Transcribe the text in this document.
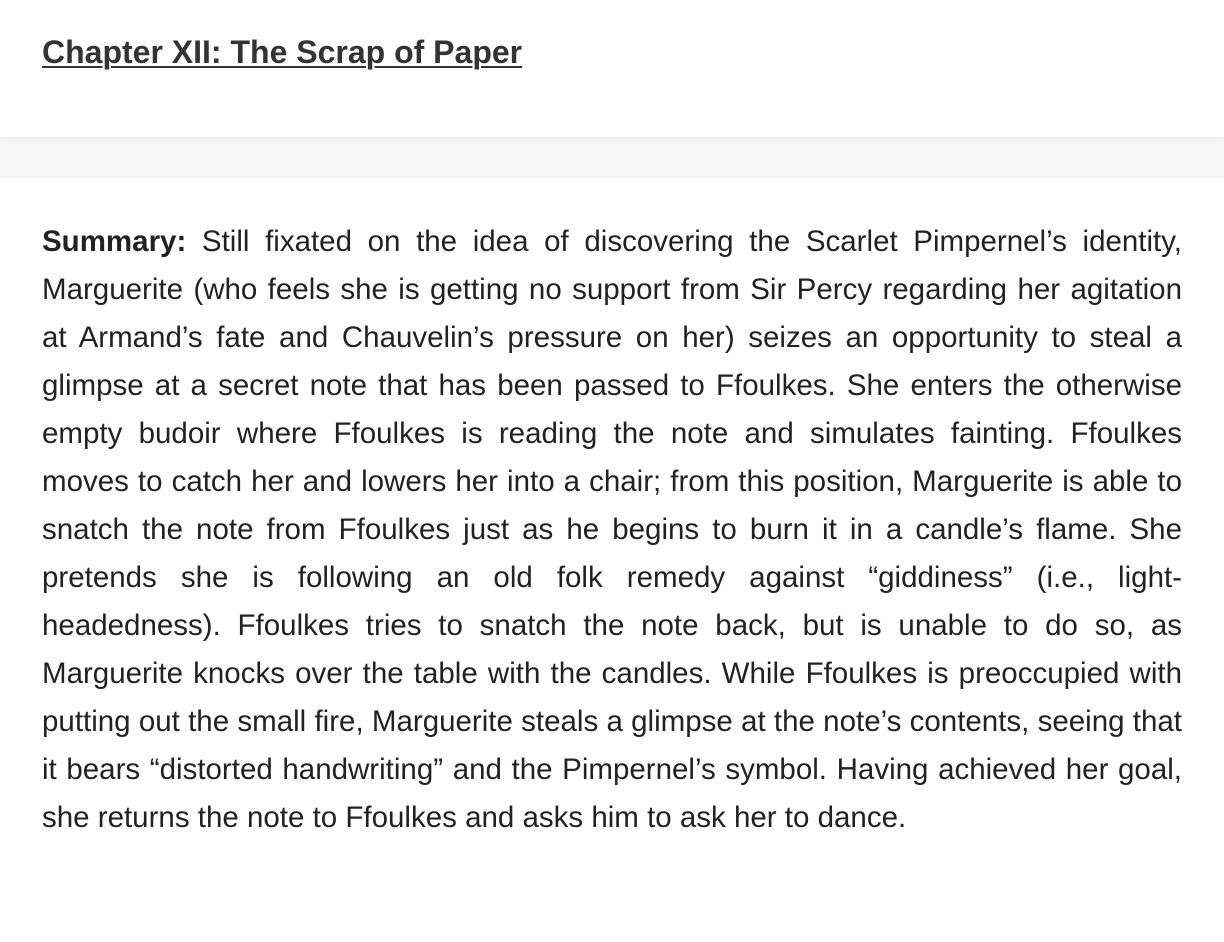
Chapter XII: The Scrap of Paper

Summary: Still fixated on the idea of discovering the Scarlet Pimpernel’s identity, Marguerite (who feels she is getting no support from Sir Percy regarding her agitation at Armand’s fate and Chauvelin’s pressure on her) seizes an opportunity to steal a glimpse at a secret note that has been passed to Ffoulkes. She enters the otherwise empty budoir where Ffoulkes is reading the note and simulates fainting. Ffoulkes moves to catch her and lowers her into a chair; from this position, Marguerite is able to snatch the note from Ffoulkes just as he begins to burn it in a candle’s flame. She pretends she is following an old folk remedy against “giddiness” (i.e., light-headedness). Ffoulkes tries to snatch the note back, but is unable to do so, as Marguerite knocks over the table with the candles. While Ffoulkes is preoccupied with putting out the small fire, Marguerite steals a glimpse at the note’s contents, seeing that it bears “distorted handwriting” and the Pimpernel’s symbol. Having achieved her goal, she returns the note to Ffoulkes and asks him to ask her to dance.
